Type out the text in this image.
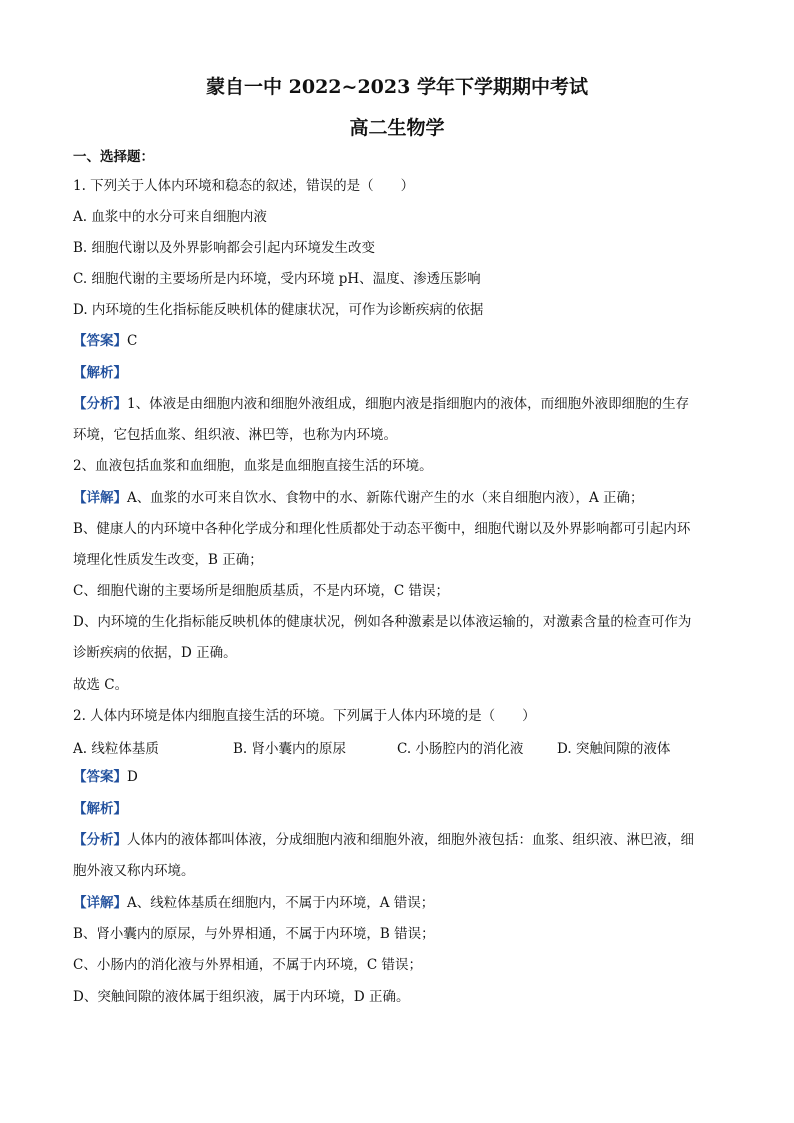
蒙自一中 2022~2023 学年下学期期中考试
高二生物学
一、选择题：
1. 下列关于人体内环境和稳态的叙述，错误的是（　　）
A. 血浆中的水分可来自细胞内液
B. 细胞代谢以及外界影响都会引起内环境发生改变
C. 细胞代谢的主要场所是内环境，受内环境 pH、温度、渗透压影响
D. 内环境的生化指标能反映机体的健康状况，可作为诊断疾病的依据
【答案】C
【解析】
【分析】1、体液是由细胞内液和细胞外液组成，细胞内液是指细胞内的液体，而细胞外液即细胞的生存
环境，它包括血浆、组织液、淋巴等，也称为内环境。
2、血液包括血浆和血细胞，血浆是血细胞直接生活的环境。
【详解】A、血浆的水可来自饮水、食物中的水、新陈代谢产生的水（来自细胞内液），A 正确；
B、健康人的内环境中各种化学成分和理化性质都处于动态平衡中，细胞代谢以及外界影响都可引起内环
境理化性质发生改变，B 正确；
C、细胞代谢的主要场所是细胞质基质，不是内环境，C 错误；
D、内环境的生化指标能反映机体的健康状况，例如各种激素是以体液运输的，对激素含量的检查可作为
诊断疾病的依据，D 正确。
故选 C。
2. 人体内环境是体内细胞直接生活的环境。下列属于人体内环境的是（　　）
A. 线粒体基质	B. 肾小囊内的原尿	C. 小肠腔内的消化液 D. 突触间隙的液体
【答案】D
【解析】
【分析】人体内的液体都叫体液，分成细胞内液和细胞外液，细胞外液包括：血浆、组织液、淋巴液，细
胞外液又称内环境。
【详解】A、线粒体基质在细胞内，不属于内环境，A 错误；
B、肾小囊内的原尿，与外界相通，不属于内环境，B 错误；
C、小肠内的消化液与外界相通，不属于内环境，C 错误；
D、突触间隙的液体属于组织液，属于内环境，D 正确。
